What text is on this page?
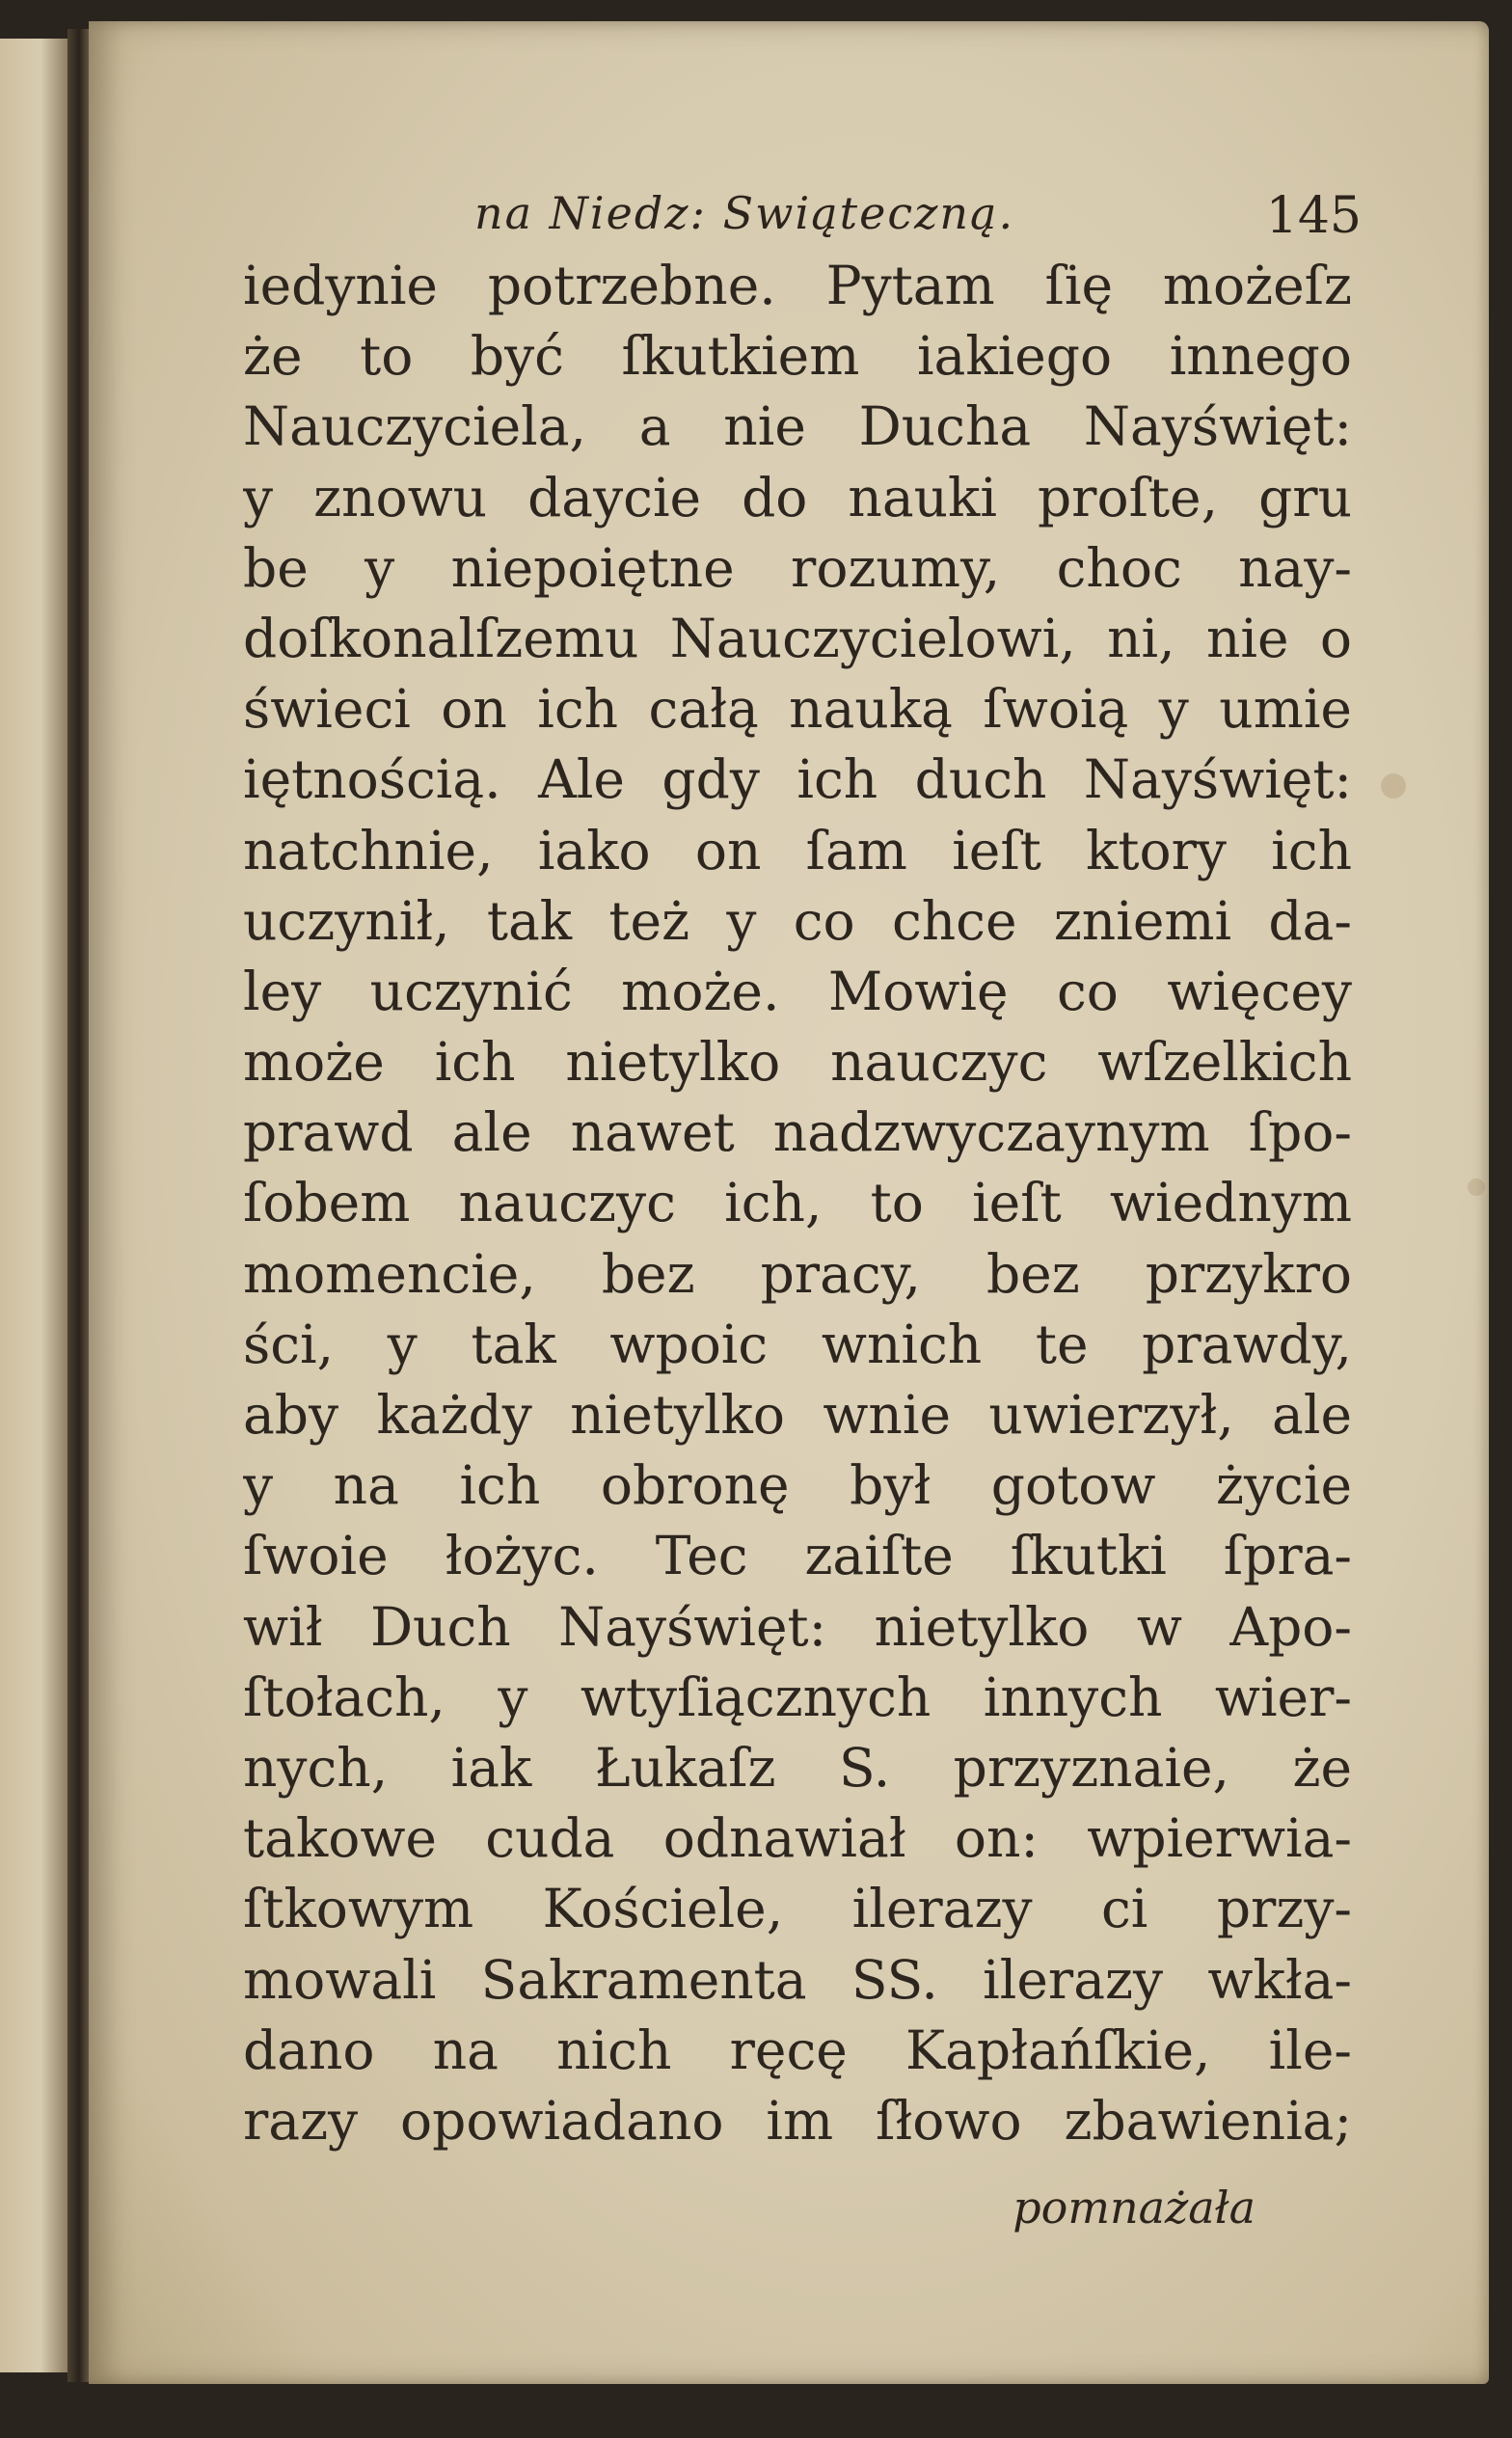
na Niedz: Swiąteczną.	145
iedynie potrzebne. Pytam ſię możeſz
że to być ſkutkiem iakiego innego
Nauczyciela, a nie Ducha Nayświęt:
y znowu daycie do nauki proſte, gru
be y niepoiętne rozumy, choc nay-
doſkonalſzemu Nauczycielowi, ni, nie o
świeci on ich całą nauką ſwoią y umie
iętnością. Ale gdy ich duch Nayświęt:
natchnie, iako on ſam ieſt ktory ich
uczynił, tak też y co chce zniemi da-
ley uczynić może. Mowię co więcey
może ich nietylko nauczyc wſzelkich
prawd ale nawet nadzwyczaynym ſpo-
ſobem nauczyc ich, to ieſt wiednym
momencie, bez pracy, bez przykro
ści, y tak wpoic wnich te prawdy,
aby każdy nietylko wnie uwierzył, ale
y na ich obronę był gotow życie
ſwoie łożyc. Tec zaiſte ſkutki ſpra-
wił Duch Nayświęt: nietylko w Apo-
ſtołach, y wtyſiącznych innych wier-
nych, iak Łukaſz S. przyznaie, że
takowe cuda odnawiał on: wpierwia-
ſtkowym Kościele, ilerazy ci przy-
mowali Sakramenta SS. ilerazy wkła-
dano na nich ręcę Kapłańſkie, ile-
razy opowiadano im ſłowo zbawienia;
pomnażała
